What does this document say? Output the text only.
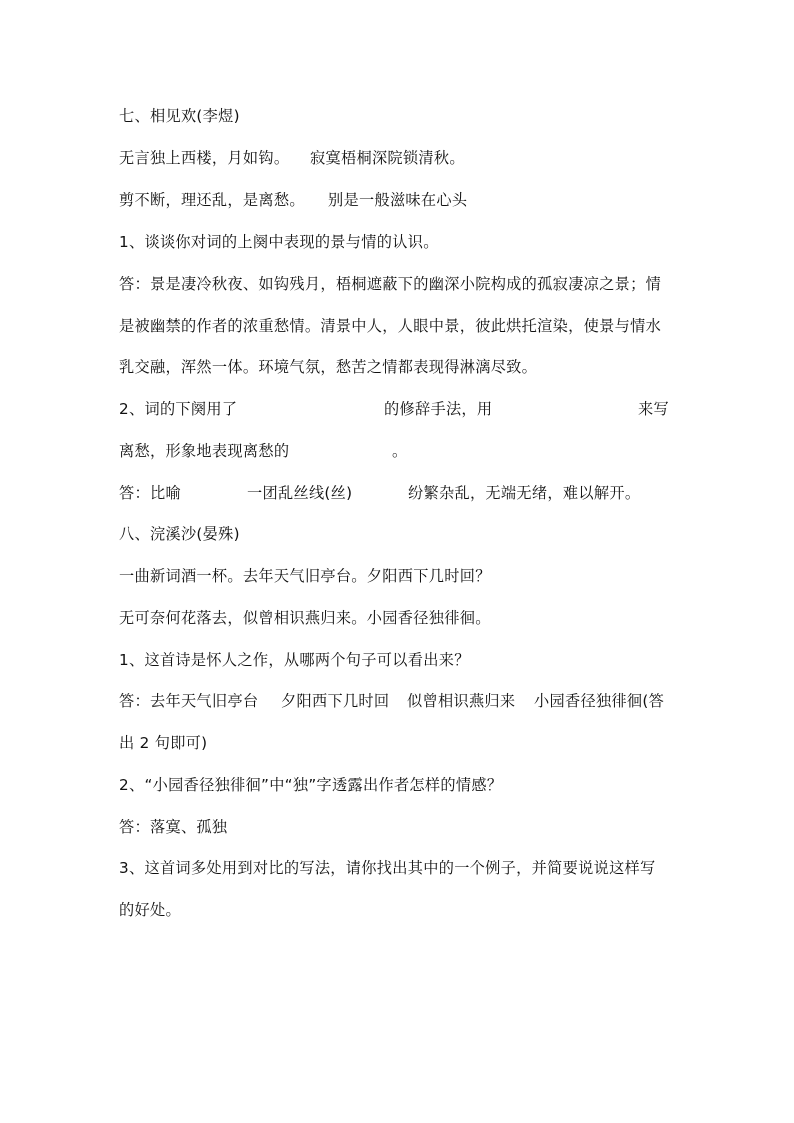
七、相见欢(李煜)
无言独上西楼，月如钩。 寂寞梧桐深院锁清秋。
剪不断，理还乱，是离愁。 别是一般滋味在心头
1、谈谈你对词的上阕中表现的景与情的认识。
答：景是凄冷秋夜、如钩残月，梧桐遮蔽下的幽深小院构成的孤寂凄凉之景；情
是被幽禁的作者的浓重愁情。清景中人，人眼中景，彼此烘托渲染，使景与情水
乳交融，浑然一体。环境气氛，愁苦之情都表现得淋漓尽致。
2、词的下阕用了	的修辞手法，用	来写
离愁，形象地表现离愁的	。
答：比喻	一团乱丝线(丝)	纷繁杂乱，无端无绪，难以解开。
八、浣溪沙(晏殊)
一曲新词酒一杯。去年天气旧亭台。夕阳西下几时回？
无可奈何花落去，似曾相识燕归来。小园香径独徘徊。
1、这首诗是怀人之作，从哪两个句子可以看出来？
答：去年天气旧亭台 夕阳西下几时回 似曾相识燕归来 小园香径独徘徊(答
出 2 句即可)
2、“小园香径独徘徊”中“独”字透露出作者怎样的情感？
答：落寞、孤独
3、这首词多处用到对比的写法，请你找出其中的一个例子，并简要说说这样写
的好处。
